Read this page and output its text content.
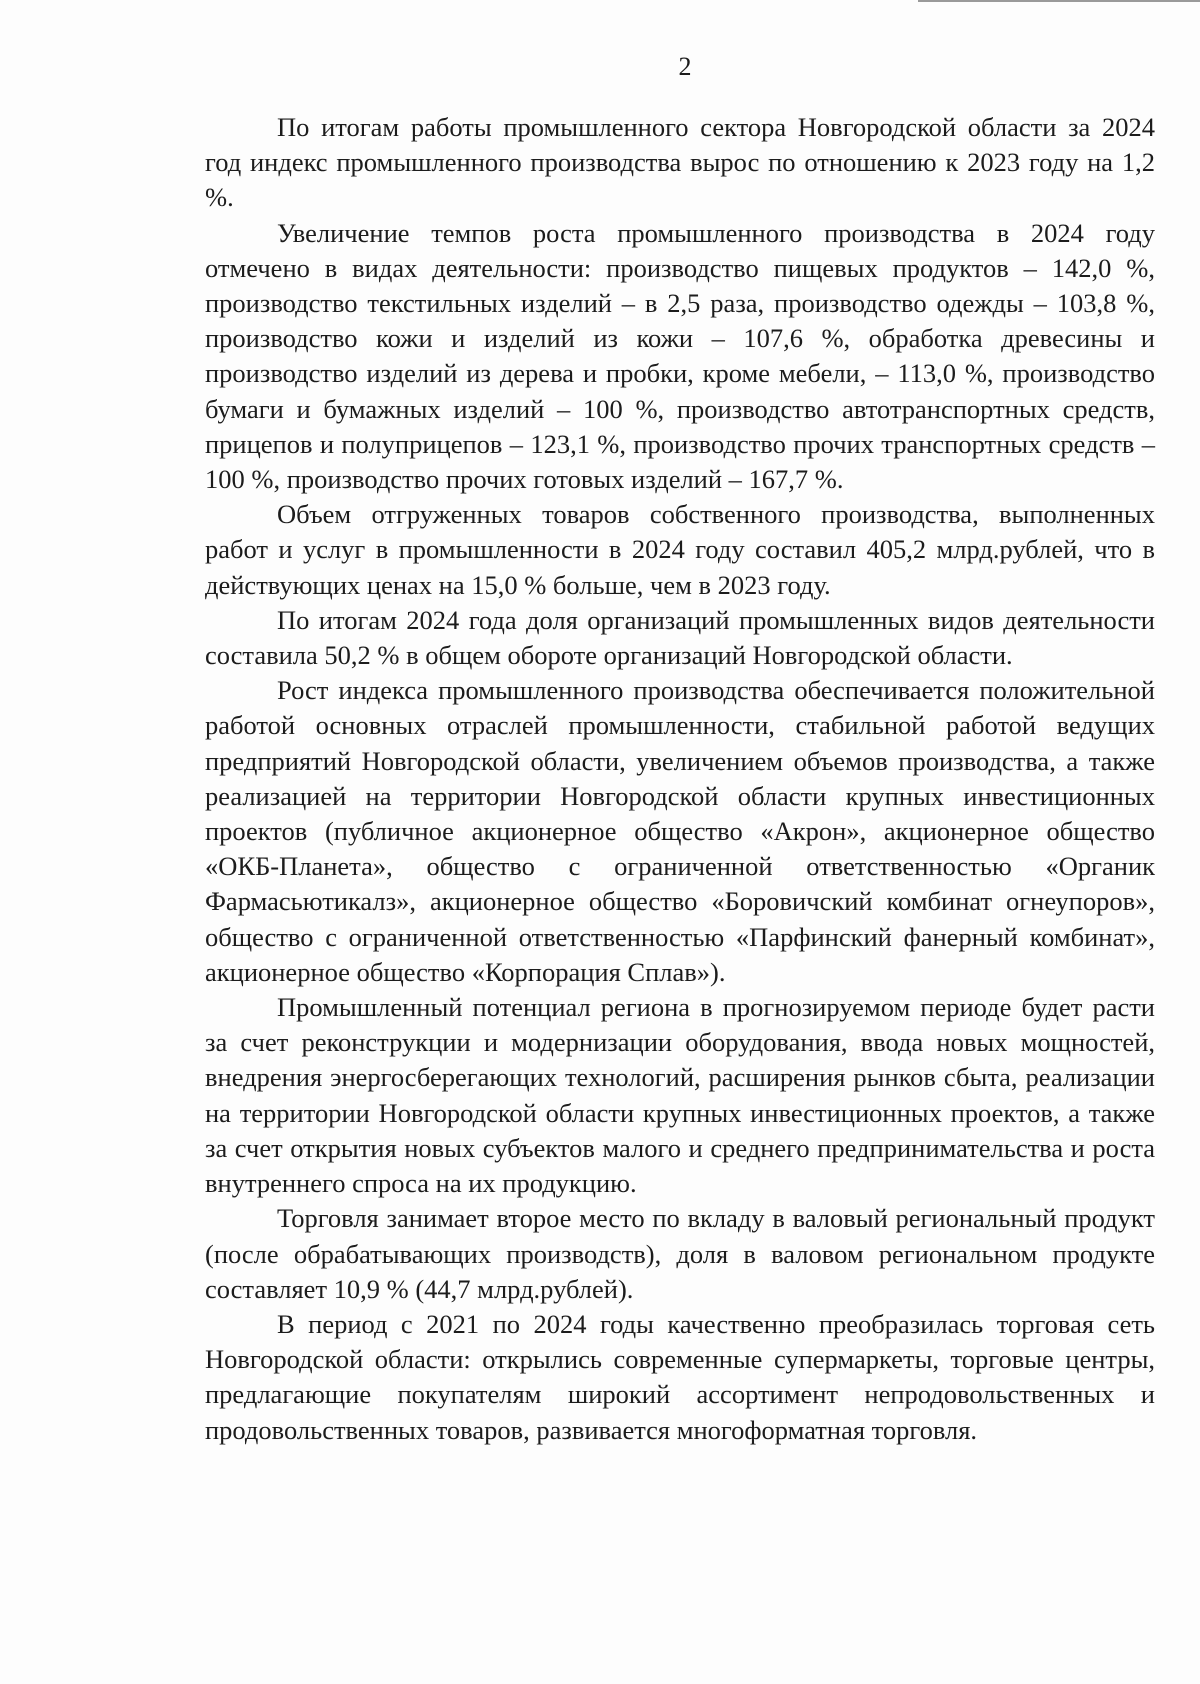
2

По итогам работы промышленного сектора Новгородской области за 2024 год индекс промышленного производства вырос по отношению к 2023 году на 1,2 %.

Увеличение темпов роста промышленного производства в 2024 году отмечено в видах деятельности: производство пищевых продуктов – 142,0 %, производство текстильных изделий – в 2,5 раза, производство одежды – 103,8 %, производство кожи и изделий из кожи – 107,6 %, обработка древесины и производство изделий из дерева и пробки, кроме мебели, – 113,0 %, производство бумаги и бумажных изделий – 100 %, производство автотранспортных средств, прицепов и полуприцепов – 123,1 %, производство прочих транспортных средств – 100 %, производство прочих готовых изделий – 167,7 %.

Объем отгруженных товаров собственного производства, выполненных работ и услуг в промышленности в 2024 году составил 405,2 млрд.рублей, что в действующих ценах на 15,0 % больше, чем в 2023 году.

По итогам 2024 года доля организаций промышленных видов деятельности составила 50,2 % в общем обороте организаций Новгородской области.

Рост индекса промышленного производства обеспечивается положительной работой основных отраслей промышленности, стабильной работой ведущих предприятий Новгородской области, увеличением объемов производства, а также реализацией на территории Новгородской области крупных инвестиционных проектов (публичное акционерное общество «Акрон», акционерное общество «ОКБ-Планета», общество с ограниченной ответственностью «Органик Фармасьютикалз», акционерное общество «Боровичский комбинат огнеупоров», общество с ограниченной ответственностью «Парфинский фанерный комбинат», акционерное общество «Корпорация Сплав»).

Промышленный потенциал региона в прогнозируемом периоде будет расти за счет реконструкции и модернизации оборудования, ввода новых мощностей, внедрения энергосберегающих технологий, расширения рынков сбыта, реализации на территории Новгородской области крупных инвестиционных проектов, а также за счет открытия новых субъектов малого и среднего предпринимательства и роста внутреннего спроса на их продукцию.

Торговля занимает второе место по вкладу в валовый региональный продукт (после обрабатывающих производств), доля в валовом региональном продукте составляет 10,9 % (44,7 млрд.рублей).

В период с 2021 по 2024 годы качественно преобразилась торговая сеть Новгородской области: открылись современные супермаркеты, торговые центры, предлагающие покупателям широкий ассортимент непродовольственных и продовольственных товаров, развивается многоформатная торговля.
